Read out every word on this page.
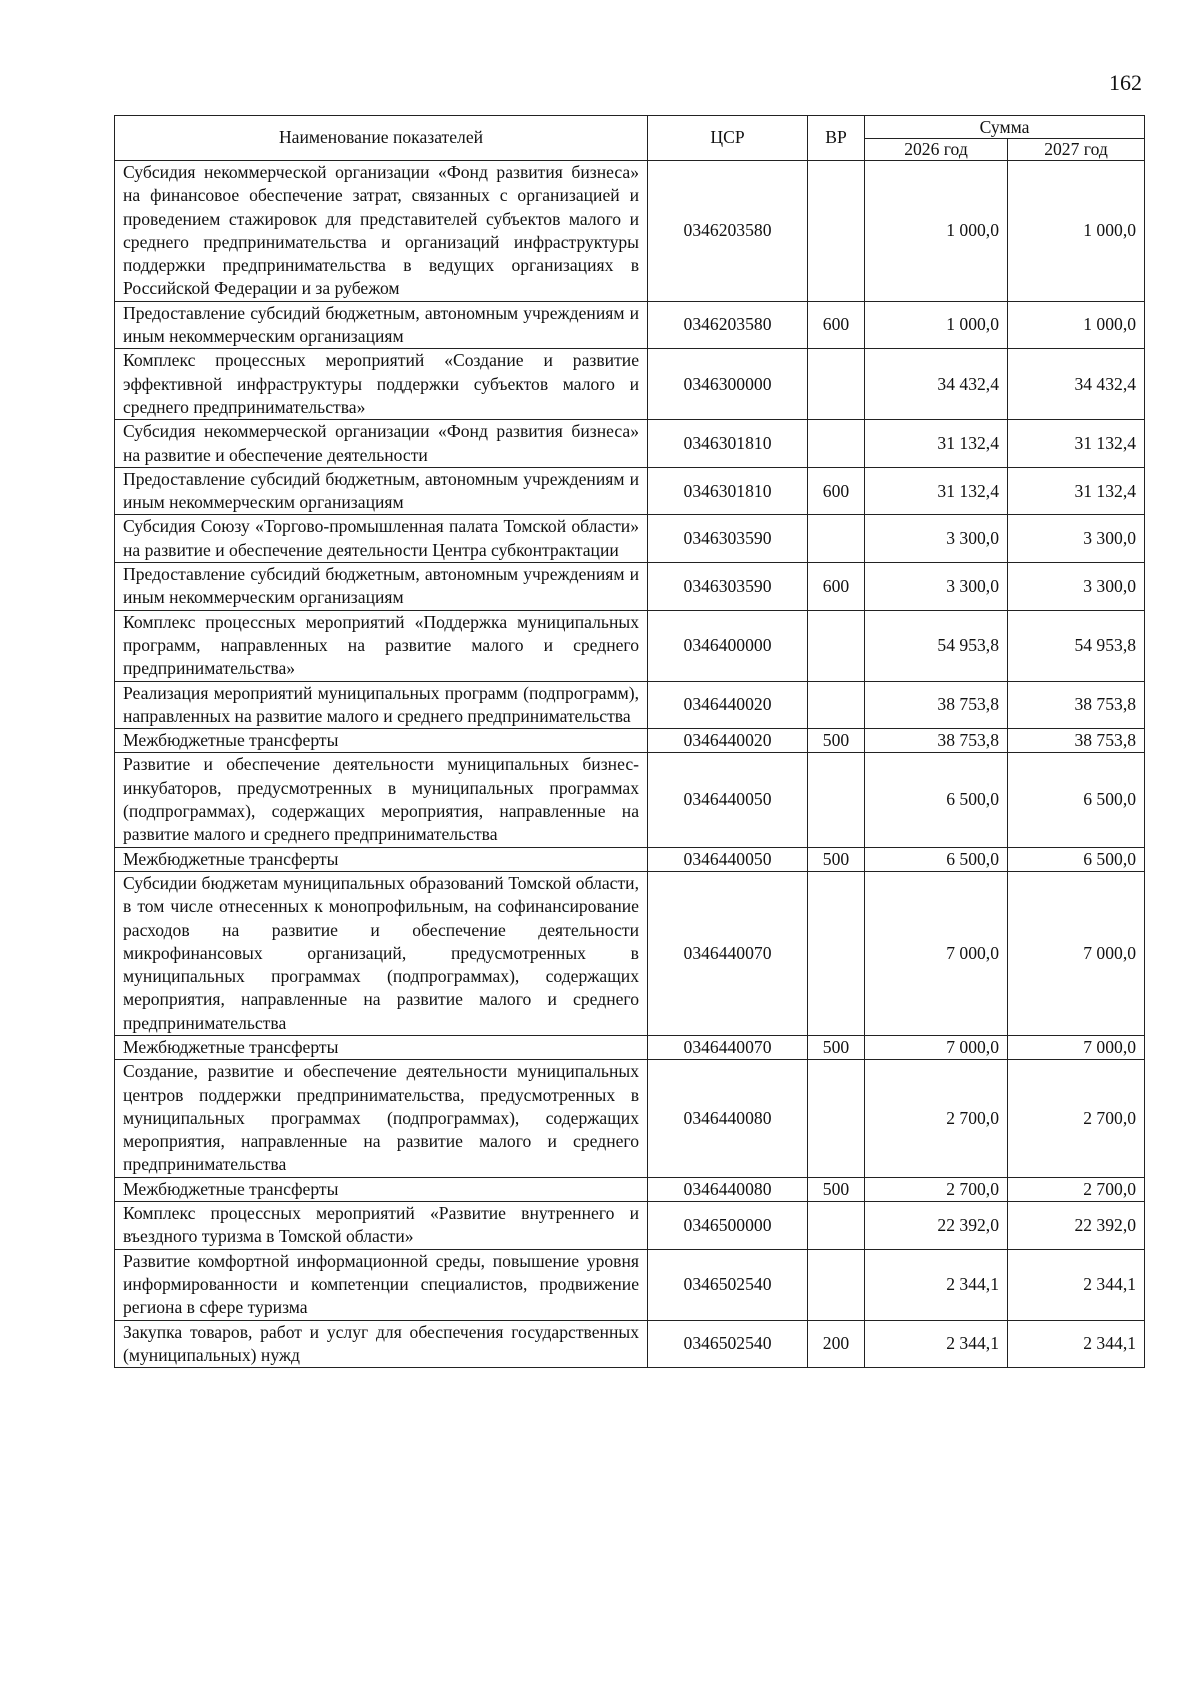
162
Наименование показателей	ЦСР	ВР	Сумма	
			2026 год	2027 год
Субсидия некоммерческой организации «Фонд развития бизнеса» на финансовое обеспечение затрат, связанных с организацией и проведением стажировок для представителей субъектов малого и среднего предпринимательства и организаций инфраструктуры поддержки предпринимательства в ведущих организациях в Российской Федерации и за рубежом	0346203580		1 000,0	1 000,0
Предоставление субсидий бюджетным, автономным учреждениям и иным некоммерческим организациям	0346203580	600	1 000,0	1 000,0
Комплекс процессных мероприятий «Создание и развитие эффективной инфраструктуры поддержки субъектов малого и среднего предпринимательства»	0346300000		34 432,4	34 432,4
Субсидия некоммерческой организации «Фонд развития бизнеса» на развитие и обеспечение деятельности	0346301810		31 132,4	31 132,4
Предоставление субсидий бюджетным, автономным учреждениям и иным некоммерческим организациям	0346301810	600	31 132,4	31 132,4
Субсидия Союзу «Торгово-промышленная палата Томской области» на развитие и обеспечение деятельности Центра субконтрактации	0346303590		3 300,0	3 300,0
Предоставление субсидий бюджетным, автономным учреждениям и иным некоммерческим организациям	0346303590	600	3 300,0	3 300,0
Комплекс процессных мероприятий «Поддержка муниципальных программ, направленных на развитие малого и среднего предпринимательства»	0346400000		54 953,8	54 953,8
Реализация мероприятий муниципальных программ (подпрограмм), направленных на развитие малого и среднего предпринимательства	0346440020		38 753,8	38 753,8
Межбюджетные трансферты	0346440020	500	38 753,8	38 753,8
Развитие и обеспечение деятельности муниципальных бизнес-инкубаторов, предусмотренных в муниципальных программах (подпрограммах), содержащих мероприятия, направленные на развитие малого и среднего предпринимательства	0346440050		6 500,0	6 500,0
Межбюджетные трансферты	0346440050	500	6 500,0	6 500,0
Субсидии бюджетам муниципальных образований Томской области, в том числе отнесенных к монопрофильным, на софинансирование расходов на развитие и обеспечение деятельности микрофинансовых организаций, предусмотренных в муниципальных программах (подпрограммах), содержащих мероприятия, направленные на развитие малого и среднего предпринимательства	0346440070		7 000,0	7 000,0
Межбюджетные трансферты	0346440070	500	7 000,0	7 000,0
Создание, развитие и обеспечение деятельности муниципальных центров поддержки предпринимательства, предусмотренных в муниципальных программах (подпрограммах), содержащих мероприятия, направленные на развитие малого и среднего предпринимательства	0346440080		2 700,0	2 700,0
Межбюджетные трансферты	0346440080	500	2 700,0	2 700,0
Комплекс процессных мероприятий «Развитие внутреннего и въездного туризма в Томской области»	0346500000		22 392,0	22 392,0
Развитие комфортной информационной среды, повышение уровня информированности и компетенции специалистов, продвижение региона в сфере туризма	0346502540		2 344,1	2 344,1
Закупка товаров, работ и услуг для обеспечения государственных (муниципальных) нужд	0346502540	200	2 344,1	2 344,1
